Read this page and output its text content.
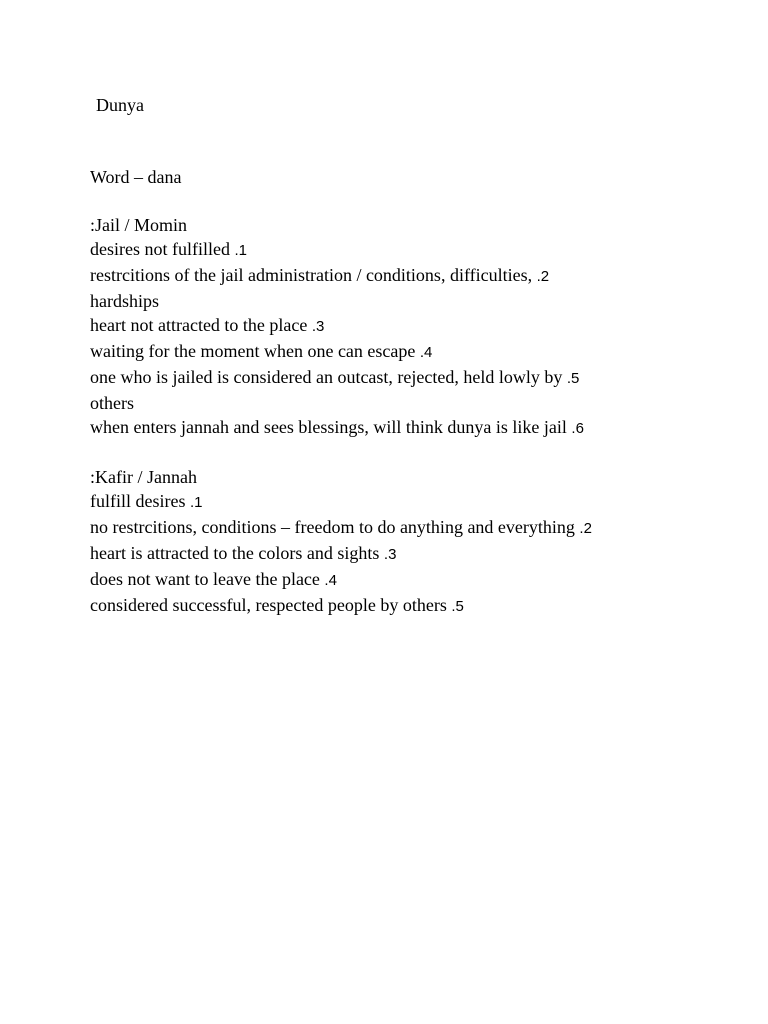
Dunya
Word – dana
:Jail / Momin
desires not fulfilled .1
restrcitions of the jail administration / conditions, difficulties, .2
hardships
heart not attracted to the place .3
waiting for the moment when one can escape .4
one who is jailed is considered an outcast, rejected, held lowly by .5
others
when enters jannah and sees blessings, will think dunya is like jail .6
:Kafir / Jannah
fulfill desires .1
no restrcitions, conditions – freedom to do anything and everything .2
heart is attracted to the colors and sights .3
does not want to leave the place .4
considered successful, respected people by others .5
